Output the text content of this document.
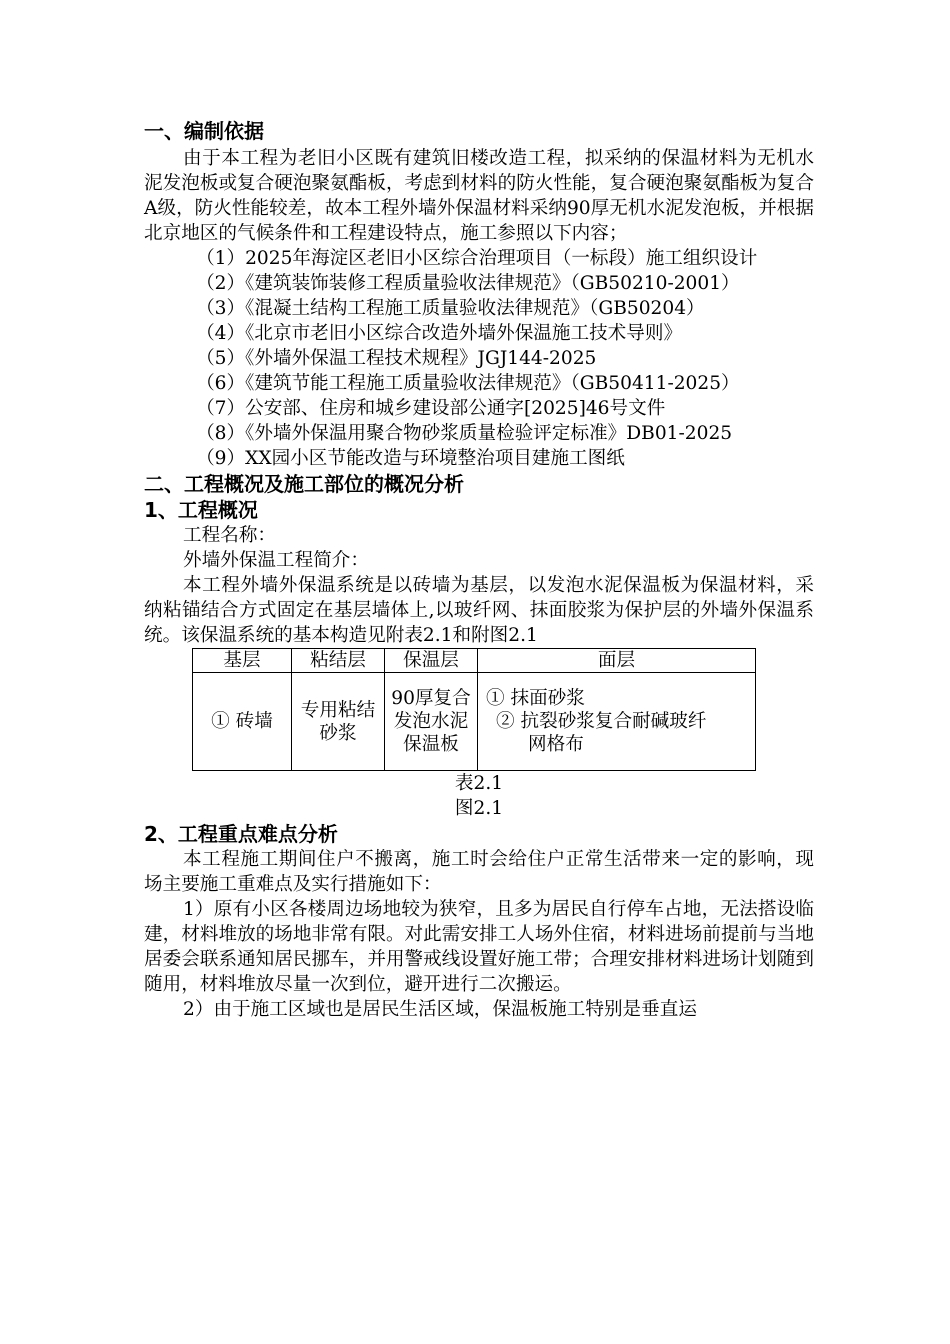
一、编制依据

由于本工程为老旧小区既有建筑旧楼改造工程，拟采纳的保温材料为无机水泥发泡板或复合硬泡聚氨酯板，考虑到材料的防火性能，复合硬泡聚氨酯板为复合A级，防火性能较差，故本工程外墙外保温材料采纳90厚无机水泥发泡板，并根据北京地区的气候条件和工程建设特点，施工参照以下内容；

（1）2025年海淀区老旧小区综合治理项目（一标段）施工组织设计

（2）《建筑装饰装修工程质量验收法律规范》（GB50210-2001）

（3）《混凝土结构工程施工质量验收法律规范》（GB50204）

（4）《北京市老旧小区综合改造外墙外保温施工技术导则》

（5）《外墙外保温工程技术规程》JGJ144-2025

（6）《建筑节能工程施工质量验收法律规范》（GB50411-2025）

（7）公安部、住房和城乡建设部公通字[2025]46号文件

（8）《外墙外保温用聚合物砂浆质量检验评定标准》DB01-2025

（9）XX园小区节能改造与环境整治项目建施工图纸

二、工程概况及施工部位的概况分析

1、工程概况

工程名称：

外墙外保温工程简介：

本工程外墙外保温系统是以砖墙为基层，以发泡水泥保温板为保温材料，采纳粘锚结合方式固定在基层墙体上,以玻纤网、抹面胶浆为保护层的外墙外保温系统。该保温系统的基本构造见附表2.1和附图2.1

基层	粘结层	保温层	面层
① 砖墙	专用粘结砂浆	90厚复合发泡水泥保温板	① 抹面砂浆
② 抗裂砂浆复合耐碱玻纤
网格布

表2.1

图2.1

2、工程重点难点分析

本工程施工期间住户不搬离，施工时会给住户正常生活带来一定的影响，现场主要施工重难点及实行措施如下：

1）原有小区各楼周边场地较为狭窄，且多为居民自行停车占地，无法搭设临建，材料堆放的场地非常有限。对此需安排工人场外住宿，材料进场前提前与当地居委会联系通知居民挪车，并用警戒线设置好施工带；合理安排材料进场计划随到随用，材料堆放尽量一次到位，避开进行二次搬运。

2）由于施工区域也是居民生活区域，保温板施工特别是垂直运
